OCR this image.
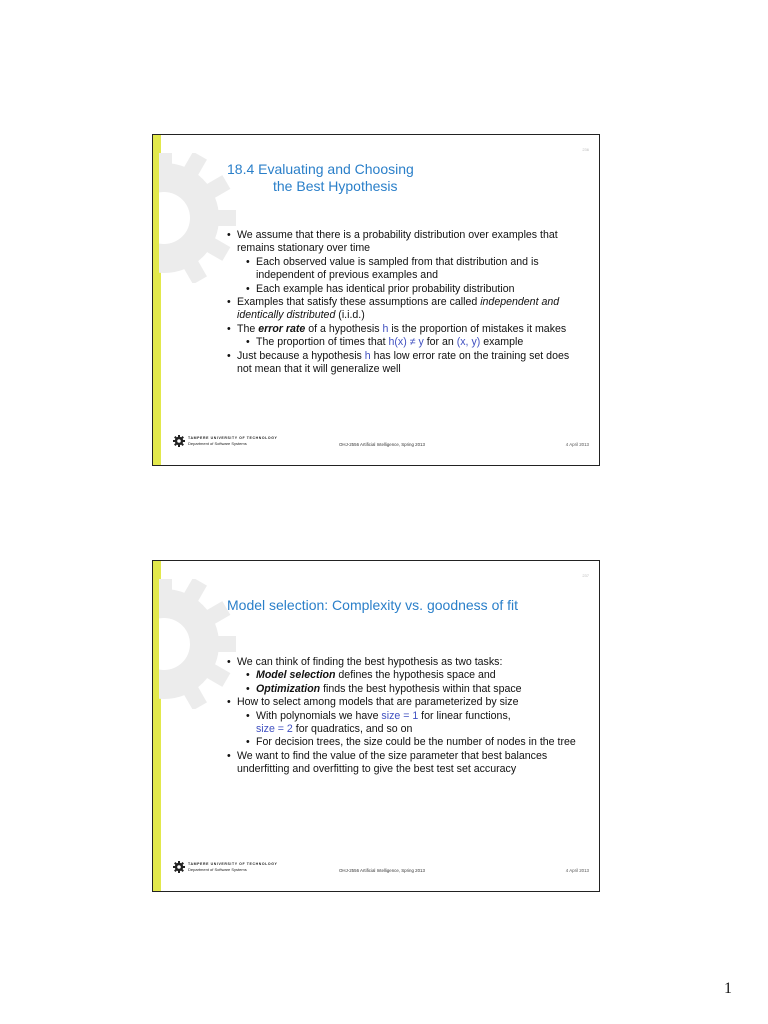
236
18.4 Evaluating and Choosing
the Best Hypothesis
• We assume that there is a probability distribution over examples that remains stationary over time
• Each observed value is sampled from that distribution and is independent of previous examples and
• Each example has identical prior probability distribution
• Examples that satisfy these assumptions are called independent and identically distributed (i.i.d.)
• The error rate of a hypothesis h is the proportion of mistakes it makes
• The proportion of times that h(x) ≠ y for an (x, y) example
• Just because a hypothesis h has low error rate on the training set does not mean that it will generalize well
TAMPERE UNIVERSITY OF TECHNOLOGY
Department of Software Systems	OHJ-2556 Artificial Intelligence, Spring 2013	4 April 2013
237
Model selection: Complexity vs. goodness of fit
• We can think of finding the best hypothesis as two tasks:
• Model selection defines the hypothesis space and
• Optimization finds the best hypothesis within that space
• How to select among models that are parameterized by size
• With polynomials we have size = 1 for linear functions,
size = 2 for quadratics, and so on
• For decision trees, the size could be the number of nodes in the tree
• We want to find the value of the size parameter that best balances underfitting and overfitting to give the best test set accuracy
TAMPERE UNIVERSITY OF TECHNOLOGY
Department of Software Systems	OHJ-2556 Artificial Intelligence, Spring 2013	4 April 2013
1
